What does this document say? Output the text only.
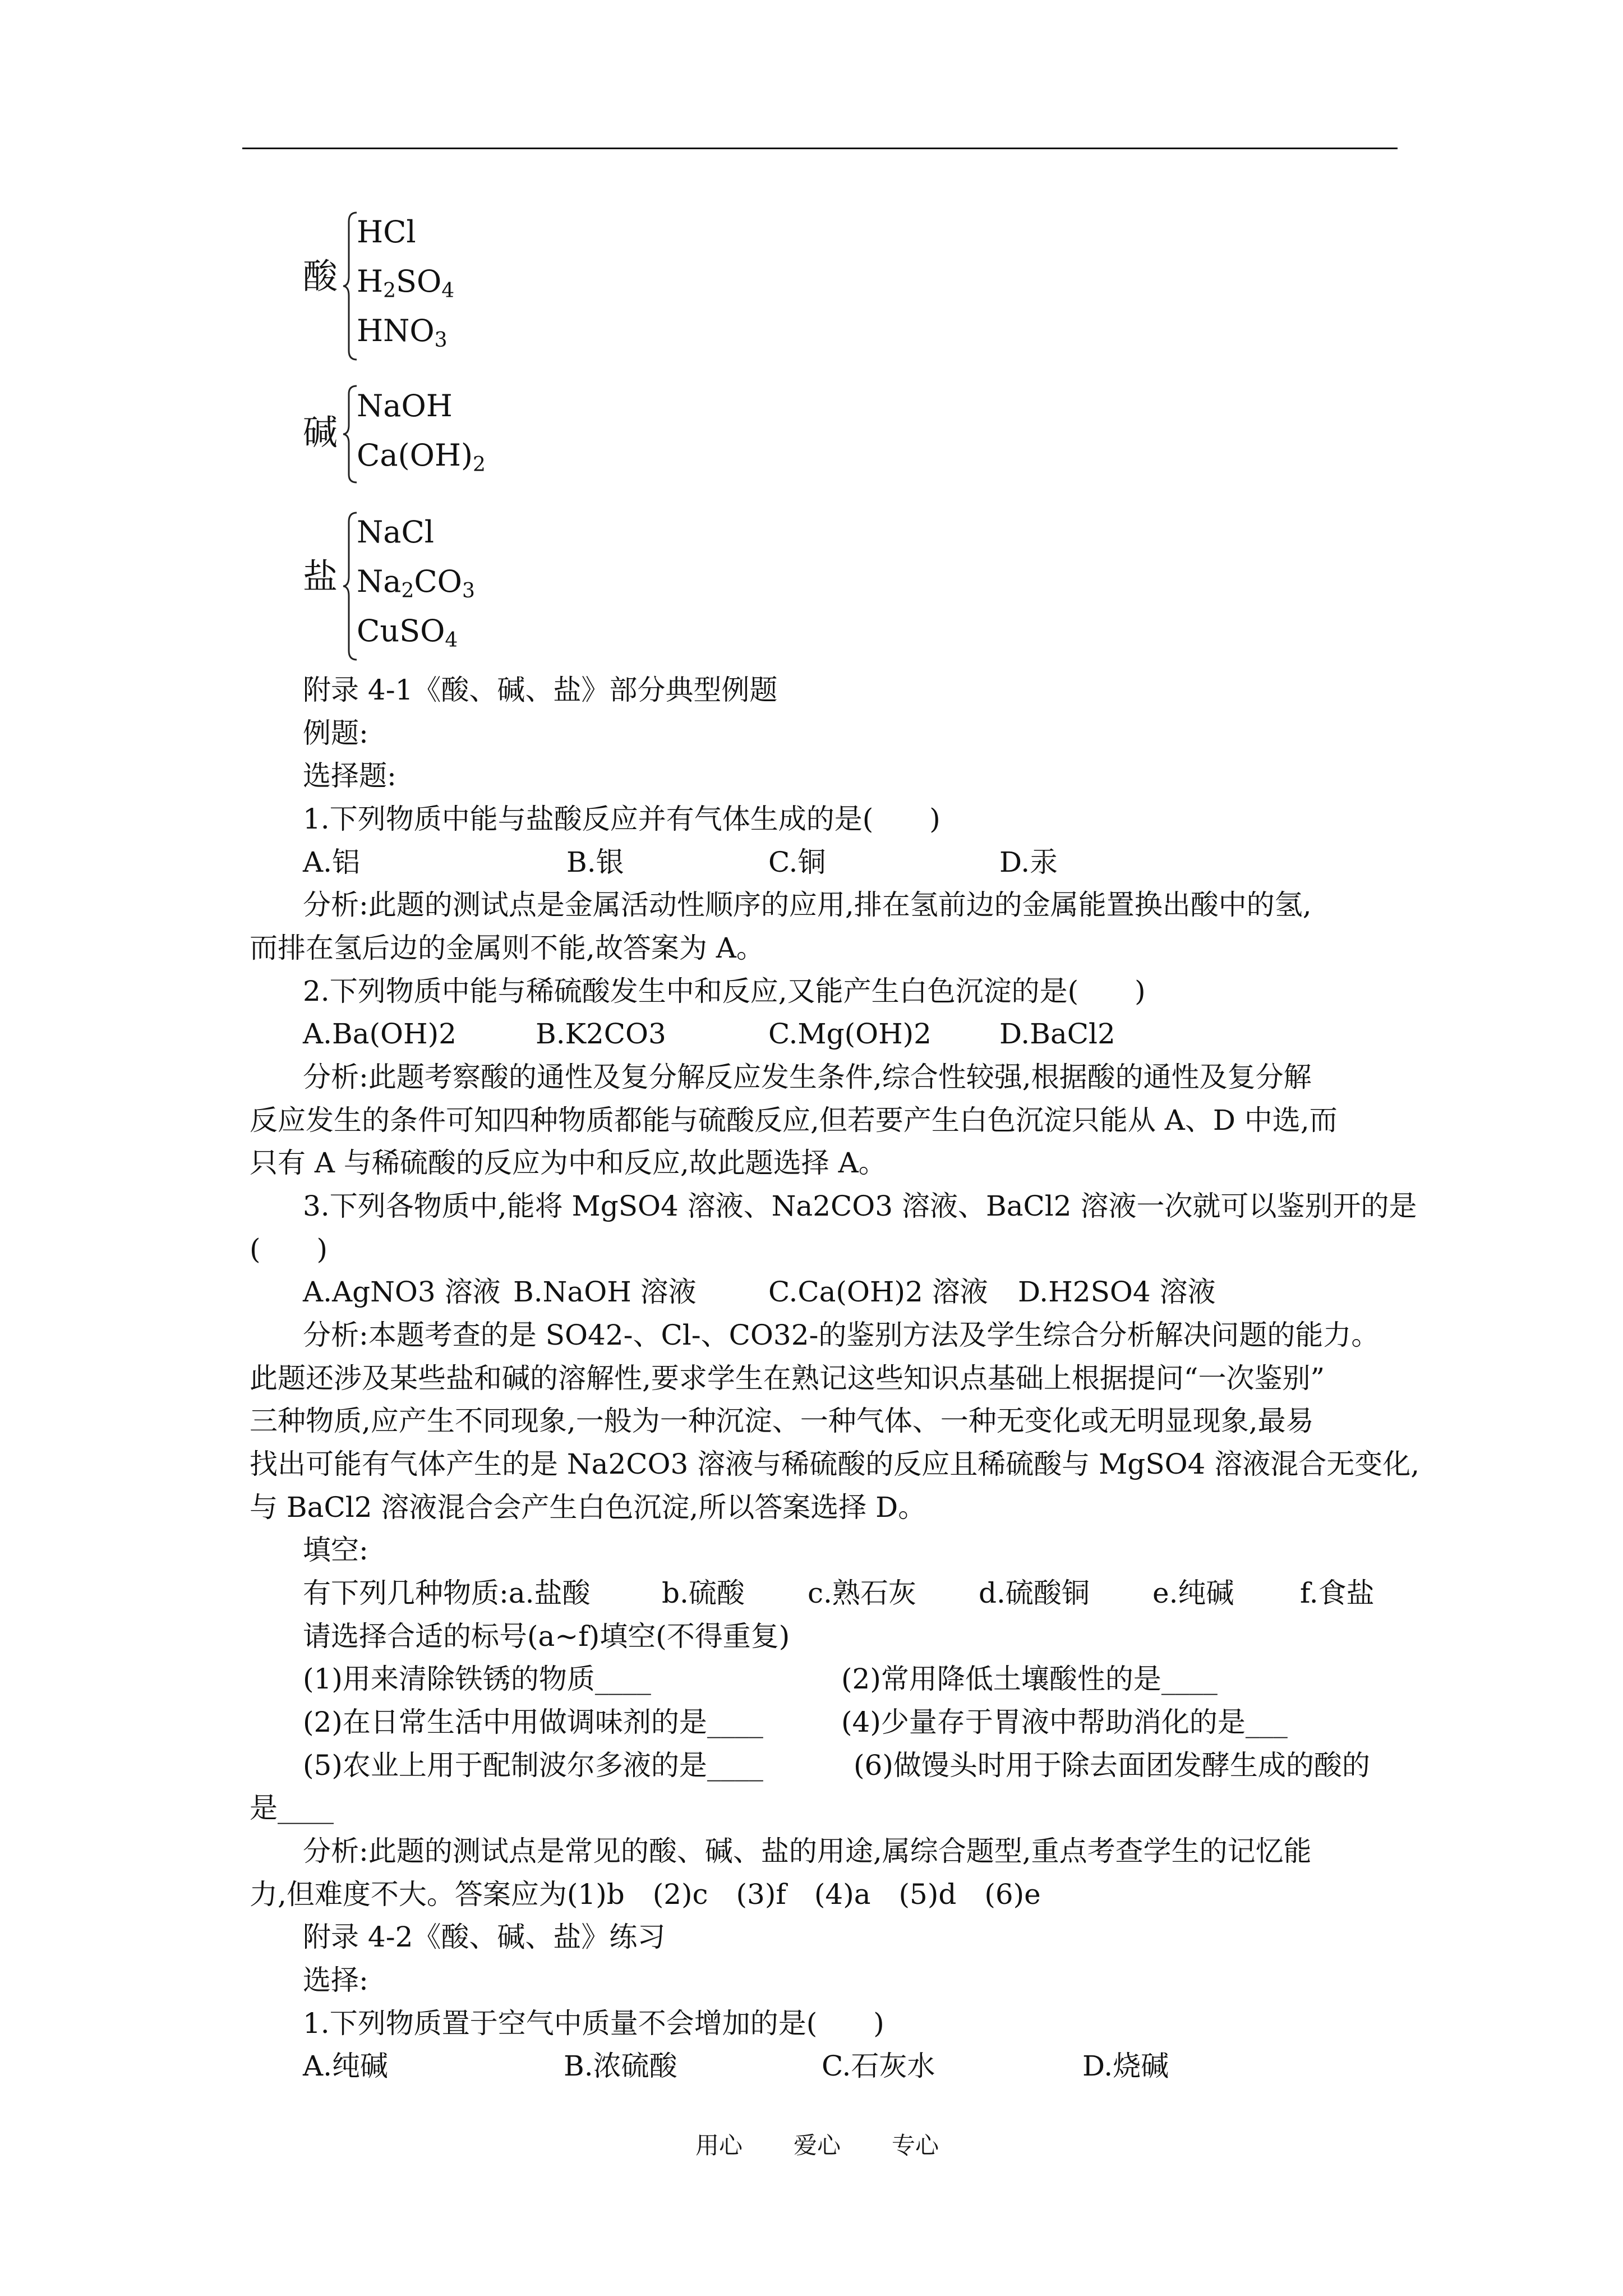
酸
HCl
$H_2SO_4$
$HNO_3$
碱
NaOH
$Ca(OH)_2$
盐
NaCl
$Na_2CO_3$
CuSO$_4$
附录 4-1《酸、碱、盐》部分典型例题
例题:
选择题:
1.下列物质中能与盐酸反应并有气体生成的是(　　)
A.铝	B.银	C.铜	D.汞
分析:此题的测试点是金属活动性顺序的应用,排在氢前边的金属能置换出酸中的氢,
而排在氢后边的金属则不能,故答案为 A。
2.下列物质中能与稀硫酸发生中和反应,又能产生白色沉淀的是(　　)
A.Ba(OH)2	B.K2CO3	C.Mg(OH)2 D.BaCl2
分析:此题考察酸的通性及复分解反应发生条件,综合性较强,根据酸的通性及复分解
反应发生的条件可知四种物质都能与硫酸反应,但若要产生白色沉淀只能从 A、D 中选,而
只有 A 与稀硫酸的反应为中和反应,故此题选择 A。
3.下列各物质中,能将 MgSO4 溶液、Na2CO3 溶液、BaCl2 溶液一次就可以鉴别开的是
(　　)
A.AgNO3 溶液 B.NaOH 溶液	C.Ca(OH)2 溶液 D.H2SO4 溶液
分析:本题考查的是 SO42-、Cl-、CO32-的鉴别方法及学生综合分析解决问题的能力。
此题还涉及某些盐和碱的溶解性,要求学生在熟记这些知识点基础上根据提问“一次鉴别”
三种物质,应产生不同现象,一般为一种沉淀、一种气体、一种无变化或无明显现象,最易
找出可能有气体产生的是 Na2CO3 溶液与稀硫酸的反应且稀硫酸与 MgSO4 溶液混合无变化,
与 BaCl2 溶液混合会产生白色沉淀,所以答案选择 D。
填空:
有下列几种物质:a.盐酸	b.硫酸 c.熟石灰 d.硫酸铜 e.纯碱 f.食盐
请选择合适的标号(a~f)填空(不得重复)
(1)用来清除铁锈的物质____	(2)常用降低土壤酸性的是____
(2)在日常生活中用做调味剂的是____	(4)少量存于胃液中帮助消化的是___
(5)农业上用于配制波尔多液的是____	(6)做馒头时用于除去面团发酵生成的酸的
是____
分析:此题的测试点是常见的酸、碱、盐的用途,属综合题型,重点考查学生的记忆能
力,但难度不大。答案应为(1)b　(2)c　(3)f　(4)a　(5)d　(6)e
附录 4-2《酸、碱、盐》练习
选择:
1.下列物质置于空气中质量不会增加的是(　　)
A.纯碱	B.浓硫酸	C.石灰水	D.烧碱
用心 爱心 专心
